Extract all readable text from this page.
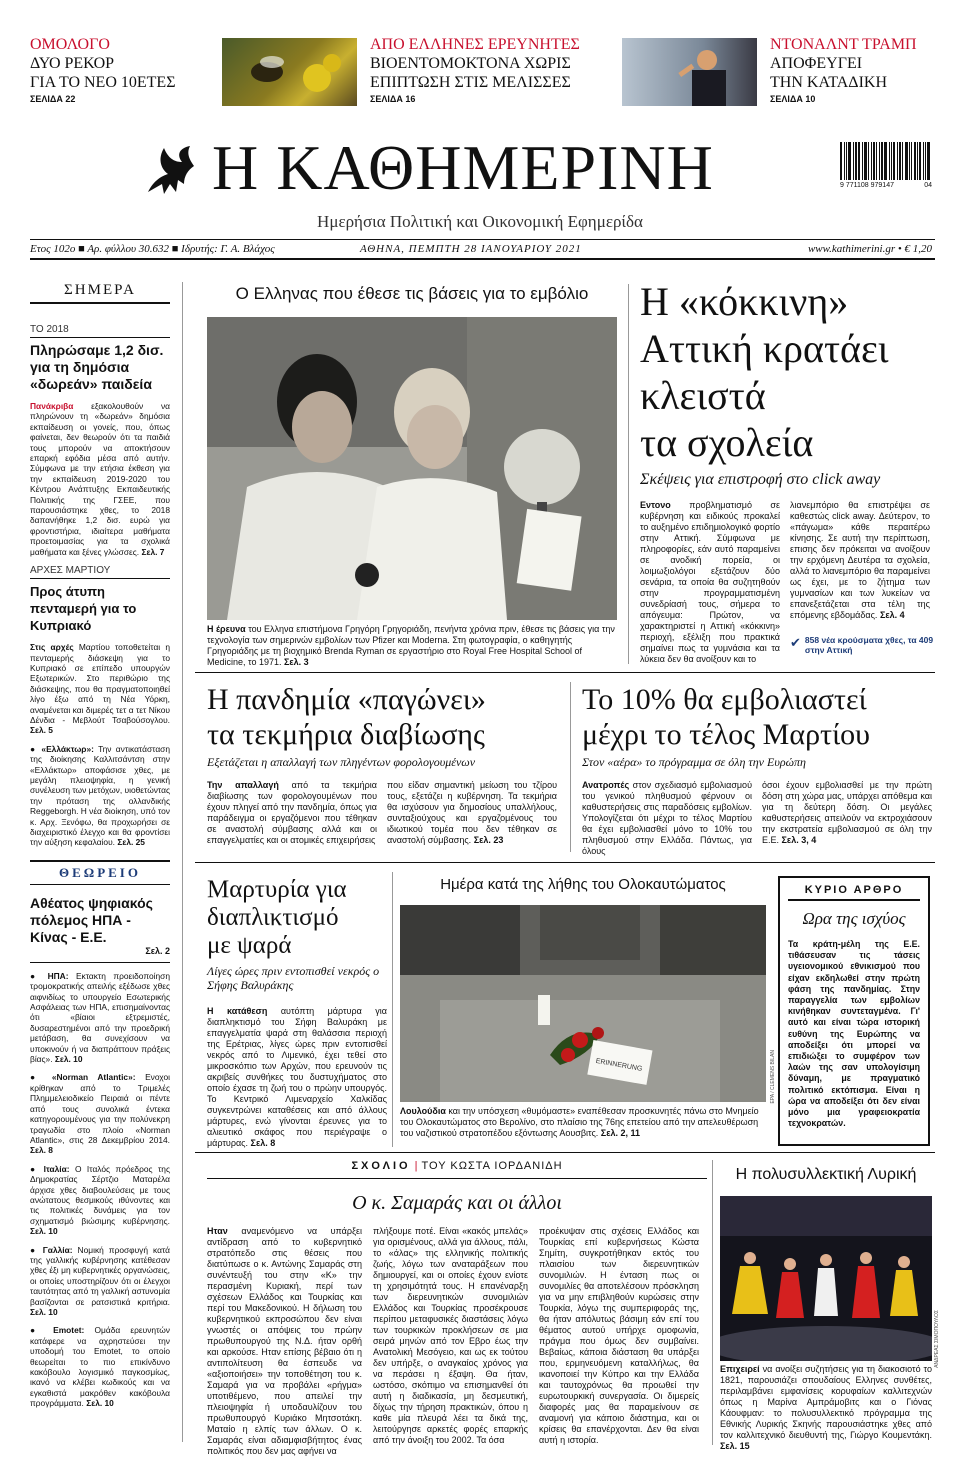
ΟΜΟΛΟΓΟ
ΔΥΟ ΡΕΚΟΡ
ΓΙΑ ΤΟ ΝΕΟ 10ΕΤΕΣ
ΣΕΛΙΔΑ 22
ΑΠΟ ΕΛΛΗΝΕΣ ΕΡΕΥΝΗΤΕΣ
ΒΙΟΕΝΤΟΜΟΚΤΟΝΑ ΧΩΡΙΣ
ΕΠΙΠΤΩΣΗ ΣΤΙΣ ΜΕΛΙΣΣΕΣ
ΣΕΛΙΔΑ 16
ΝΤΟΝΑΛΝΤ ΤΡΑΜΠ
ΑΠΟΦΕΥΓΕΙ
ΤΗΝ ΚΑΤΑΔΙΚΗ
ΣΕΛΙΔΑ 10
Η ΚΑΘΗΜΕΡΙΝΗ	9 771108 979147	04
Ημερήσια Πολιτική και Οικονομική Εφημερίδα
Ετος 102ο ■ Αρ. φύλλου 30.632 ■ Ιδρυτής: Γ. Α. Βλάχος	ΑΘΗΝΑ, ΠΕΜΠΤΗ 28 ΙΑΝΟΥΑΡΙΟΥ 2021	www.kathimerini.gr • € 1,20
ΣΗΜΕΡΑ
ΤΟ 2018
Πληρώσαμε 1,2 δισ. για τη δημόσια «δωρεάν» παιδεία
Πανάκριβα εξακολουθούν να πληρώνουν τη «δωρεάν» δημόσια εκπαίδευση οι γονείς, που, όπως φαίνεται, δεν θεωρούν ότι τα παιδιά τους μπορούν να αποκτήσουν επαρκή εφόδια μέσα από αυτήν. Σύμφωνα με την ετήσια έκθεση για την εκπαίδευση 2019-2020 του Κέντρου Ανάπτυξης Εκπαιδευτικής Πολιτικής της ΓΣΕΕ, που παρουσιάστηκε χθες, το 2018 δαπανήθηκε 1,2 δισ. ευρώ για φροντιστήρια, ιδιαίτερα μαθήματα προετοιμασίας για τα σχολικά μαθήματα και ξένες γλώσσες. Σελ. 7
ΑΡΧΕΣ ΜΑΡΤΙΟΥ
Προς άτυπη πενταμερή για το Κυπριακό
Στις αρχές Μαρτίου τοποθετείται η πενταμερής διάσκεψη για το Κυπριακό σε επίπεδο υπουργών Εξωτερικών. Στο περιθώριο της διάσκεψης, που θα πραγματοποιηθεί λίγο έξω από τη Νέα Υόρκη, αναμένεται και διμερές τετ α τετ Νίκου Δένδια - Μεβλούτ Τσαβούσογλου. Σελ. 5
● «Ελλάκτωρ»: Την αντικατάσταση της διοίκησης Καλλιτσάντση στην «Ελλάκτωρ» αποφάσισε χθες, με μεγάλη πλειοψηφία, η γενική συνέλευση των μετόχων, υιοθετώντας την πρόταση της ολλανδικής Reggeborgh. Η νέα διοίκηση, υπό τον κ. Αρχ. Ξενόφω, θα προχωρήσει σε διαχειριστικό έλεγχο και θα φροντίσει την αύξηση κεφαλαίου. Σελ. 25
ΘΕΩΡΕΙΟ
Αθέατος ψηφιακός πόλεμος ΗΠΑ - Κίνας - Ε.Ε.
Σελ. 2
● ΗΠΑ: Εκτακτη προειδοποίηση τρομοκρατικής απειλής εξέδωσε χθες αιφνιδίως το υπουργείο Εσωτερικής Ασφάλειας των ΗΠΑ, επισημαίνοντας ότι «βίαιοι εξτρεμιστές, δυσαρεστημένοι από την προεδρική μετάβαση, θα συνεχίσουν να υποκινούν ή να διαπράττουν πράξεις βίας». Σελ. 10
● «Norman Atlantic»: Ενοχοι κρίθηκαν από το Τριμελές Πλημμελειοδικείο Πειραιά οι πέντε από τους συνολικά έντεκα κατηγορουμένους για την πολύνεκρη τραγωδία στο πλοίο «Norman Atlantic», στις 28 Δεκεμβρίου 2014. Σελ. 8
● Ιταλία: Ο Ιταλός πρόεδρος της Δημοκρατίας Σέρτζιο Ματαρέλα άρχισε χθες διαβουλεύσεις με τους ανώτατους θεσμικούς ιθύνοντες και τις πολιτικές δυνάμεις για τον σχηματισμό βιώσιμης κυβέρνησης. Σελ. 10
● Γαλλία: Νομική προσφυγή κατά της γαλλικής κυβέρνησης κατέθεσαν χθες έξι μη κυβερνητικές οργανώσεις, οι οποίες υποστηρίζουν ότι οι έλεγχοι ταυτότητας από τη γαλλική αστυνομία βασίζονται σε ρατσιστικά κριτήρια. Σελ. 10
● Emotet: Ομάδα ερευνητών κατάφερε να αχρηστεύσει την υποδομή του Emotet, το οποίο θεωρείται το πιο επικίνδυνο κακόβουλο λογισμικό παγκοσμίως, ικανό να κλέβει κωδικούς και να εγκαθιστά μακρόθεν κακόβουλα προγράμματα. Σελ. 10
Ο Ελληνας που έθεσε τις βάσεις για το εμβόλιο
Η έρευνα του Ελληνα επιστήμονα Γρηγόρη Γρηγοριάδη, πενήντα χρόνια πριν, έθεσε τις βάσεις για την τεχνολογία των σημερινών εμβολίων των Pfizer και Moderna. Στη φωτογραφία, ο καθηγητής Γρηγοριάδης με τη βιοχημικό Brenda Ryman σε εργαστήριο στο Royal Free Hospital School of Medicine, το 1971. Σελ. 3
Η «κόκκινη»
Αττική κρατάει
κλειστά
τα σχολεία
Σκέψεις για επιστροφή στο click away
Εντονο προβληματισμό σε κυβέρνηση και ειδικούς προκαλεί το αυξημένο επιδημιολογικό φορτίο στην Αττική. Σύμφωνα με πληροφορίες, εάν αυτό παραμείνει σε ανοδική πορεία, οι λοιμωξιολόγοι εξετάζουν δύο σενάρια, τα οποία θα συζητηθούν στην προγραμματισμένη συνεδρίασή τους, σήμερα το απόγευμα: Πρώτον, να χαρακτηριστεί η Αττική «κόκκινη» περιοχή, εξέλιξη που πρακτικά σημαίνει πως τα γυμνάσια και τα λύκεια δεν θα ανοίξουν και το
λιανεμπόριο θα επιστρέψει σε καθεστώς click away. Δεύτερον, το «πάγωμα» κάθε περαιτέρω κίνησης. Σε αυτή την περίπτωση, επισης δεν πρόκειται να ανοίξουν την ερχόμενη Δευτέρα τα σχολεία, αλλά το λιανεμπόριο θα παραμείνει ως έχει, με το ζήτημα των γυμνασίων και των λυκείων να επανεξετάζεται στα τέλη της επόμενης εβδομάδας. Σελ. 4
✔ 858 νέα κρούσματα χθες, τα 409 στην Αττική
Η πανδημία «παγώνει»
τα τεκμήρια διαβίωσης
Εξετάζεται η απαλλαγή των πληγέντων φορολογουμένων
Την απαλλαγή από τα τεκμήρια διαβίωσης των φορολογουμένων που έχουν πληγεί από την πανδημία, όπως για παράδειγμα οι εργαζόμενοι που τέθηκαν σε αναστολή σύμβασης αλλά και οι επαγγελματίες και οι ατομικές επιχειρήσεις
που είδαν σημαντική μείωση του τζίρου τους, εξετάζει η κυβέρνηση. Τα τεκμήρια θα ισχύσουν για δημοσίους υπαλλήλους, συνταξιούχους και εργαζομένους του ιδιωτικού τομέα που δεν τέθηκαν σε αναστολή σύμβασης. Σελ. 23
Το 10% θα εμβολιαστεί
μέχρι το τέλος Μαρτίου
Στον «αέρα» το πρόγραμμα σε όλη την Ευρώπη
Ανατροπές στον σχεδιασμό εμβολιασμού του γενικού πληθυσμού φέρνουν οι καθυστερήσεις στις παραδόσεις εμβολίων. Υπολογίζεται ότι μέχρι το τέλος Μαρτίου θα έχει εμβολιασθεί μόνο το 10% του πληθυσμού στην Ελλάδα. Πάντως, για όλους
όσοι έχουν εμβολιασθεί με την πρώτη δόση στη χώρα μας, υπάρχει απόθεμα και για τη δεύτερη δόση. Οι μεγάλες καθυστερήσεις απειλούν να εκτροχιάσουν την εκστρατεία εμβολιασμού σε όλη την Ε.Ε. Σελ. 3, 4
Μαρτυρία για
διαπλικτισμό
με ψαρά
Λίγες ώρες πριν εντοπισθεί νεκρός ο Σήφης Βαλυράκης
Η κατάθεση αυτόπτη μάρτυρα για διαπληκτισμό του Σήφη Βαλυράκη με επαγγελματία ψαρά στη θαλάσσια περιοχή της Ερέτριας, λίγες ώρες πριν εντοπισθεί νεκρός από το Λιμενικό, έχει τεθεί στο μικροσκόπιο των Αρχών, που ερευνούν τις ακριβείς συνθήκες του δυστυχήματος στο οποίο έχασε τη ζωή του ο πρώην υπουργός. Το Κεντρικό Λιμεναρχείο Χαλκίδας συγκεντρώνει καταθέσεις και από άλλους μάρτυρες, ενώ γίνονται έρευνες για το αλιευτικό σκάφος που περιέγραψε ο μάρτυρας. Σελ. 8
Ημέρα κατά της λήθης του Ολοκαυτώματος
ERINNERUNG	EPA / CLEMENS BILAN
Λουλούδια και την υπόσχεση «θυμόμαστε» εναπέθεσαν προσκυνητές πάνω στο Μνημείο του Ολοκαυτώματος στο Βερολίνο, στο πλαίσιο της 76ης επετείου από την απελευθέρωση του ναζιστικού στρατοπέδου εξόντωσης Αουσβιτς. Σελ. 2, 11
ΚΥΡΙΟ ΑΡΘΡΟ
Ωρα της ισχύος
Τα κράτη-μέλη της Ε.Ε. τιθάσευσαν τις τάσεις υγειονομικού εθνικισμού που είχαν εκδηλωθεί στην πρώτη φάση της πανδημίας. Στην παραγγελία των εμβολίων κινήθηκαν συντεταγμένα. Γι' αυτό και είναι τώρα ιστορική ευθύνη της Ευρώπης να αποδείξει ότι μπορεί να επιδιώξει το συμφέρον των λαών της σαν υπολογίσιμη δύναμη, με πραγματικό πολιτικό εκτόπισμα. Είναι η ώρα να αποδείξει ότι δεν είναι μόνο μια γραφειοκρατία τεχνοκρατών.
ΣΧΟΛΙΟ | ΤΟΥ ΚΩΣΤΑ ΙΟΡΔΑΝΙΔΗ
Ο κ. Σαμαράς και οι άλλοι
Ηταν αναμενόμενο να υπάρξει αντίδραση από το κυβερνητικό στρατόπεδο στις θέσεις που διατύπωσε ο κ. Αντώνης Σαμαράς στη συνέντευξή του στην «Κ» την περασμένη Κυριακή, περί των σχέσεων Ελλάδος και Τουρκίας και περί του Μακεδονικού. Η δήλωση του κυβερνητικού εκπροσώπου δεν είναι γνωστές οι απόψεις του πρώην πρωθυπουργού της Ν.Δ. ήταν ορθή και αρκούσε. Ηταν επίσης βέβαιο ότι η αντιπολίτευση θα έσπευδε να «αξιοποιήσει» την τοποθέτηση του κ. Σαμαρά για να προβάλει «ρήγμα» υποτιθέμενο, που απειλεί την πλειοψηφία ή υποδαυλίζουν του πρωθυπουργό Κυριάκο Μητσοτάκη. Ματαίο η ελπίς των άλλων. Ο κ. Σαμαράς είναι αδιαμφισβήτητος ένας πολιτικός που δεν μας αφήνει να
πλήξουμε ποτέ. Είναι «κακός μπελάς» για ορισμένους, αλλά για άλλους, πάλι, το «άλας» της ελληνικής πολιτικής ζωής, λόγω των αναταράξεων που δημιουργεί, και οι οποίες έχουν ενίοτε τη χρησιμότητά τους. Η επανέναρξη των διερευνητικών συνομιλιών Ελλάδος και Τουρκίας προσέκρουσε περίπου μεταφυσικές διαστάσεις λόγω των τουρκικών προκλήσεων σε μια σειρά μηνών από τον Εβρο έως την Ανατολική Μεσόγειο, και ως εκ τούτου δεν υπήρξε, ο αναγκαίος χρόνος για να περάσει η έξαψη. Θα ήταν, ωστόσο, σκόπιμο να επισημανθεί ότι αυτή η διαδικασία, μη δεσμευτική, δίχως την τήρηση πρακτικών, όπου η καθε μία πλευρά λέει τα δικά της, λειτούργησε αρκετές φορές επαρκής από την άνοιξη του 2002. Τα όσα
προέκυψαν στις σχέσεις Ελλάδος και Τουρκίας επί κυβερνήσεως Κώστα Σημίτη, συγκροτήθηκαν εκτός του πλαισίου των διερευνητικών συνομιλιών. Η ένταση πως οι συνομιλίες θα αποτελέσουν πρόσκληση για να μην επιβληθούν κυρώσεις στην Τουρκία, λόγω της συμπεριφοράς της, θα ήταν απόλυτως βάσιμη εάν επί του θέματος αυτού υπήρχε ομοφωνία, πράγμα που όμως δεν συμβαίνει. Βεβαίως, κάποια διάσταση θα υπάρξει που, ερμηνευόμενη καταλλήλως, θα ικανοποιεί την Κύπρο και την Ελλάδα και ταυτοχρόνως θα προωθεί την ευρωτουρκική συνεργασία. Οι διμερείς διαφορές μας θα παραμείνουν σε αναμονή για κάποιο διάστημα, και οι κρίσεις θα επανέρχονται. Δεν θα είναι αυτή η ιστορία.
Η πολυσυλλεκτική Λυρική
ΑΝΔΡΕΑΣ ΣΙΜΟΠΟΥΛΟΣ
Επιχειρεί να ανοίξει συζητήσεις για τη διακοσιοτό το 1821, παρουσιάζει σπουδαίους Ελληνες συνθέτες, περιλαμβάνει εμφανίσεις κορυφαίων καλλιτεχνών όπως η Μαρίνα Αμπράμοβιτς και ο Γιόνας Κάουφμαν: το πολυσυλλεκτικό πρόγραμμα της Εθνικής Λυρικής Σκηνής παρουσιάστηκε χθες από τον καλλιτεχνικό διευθυντή της, Γιώργο Κουμεντάκη. Σελ. 15
